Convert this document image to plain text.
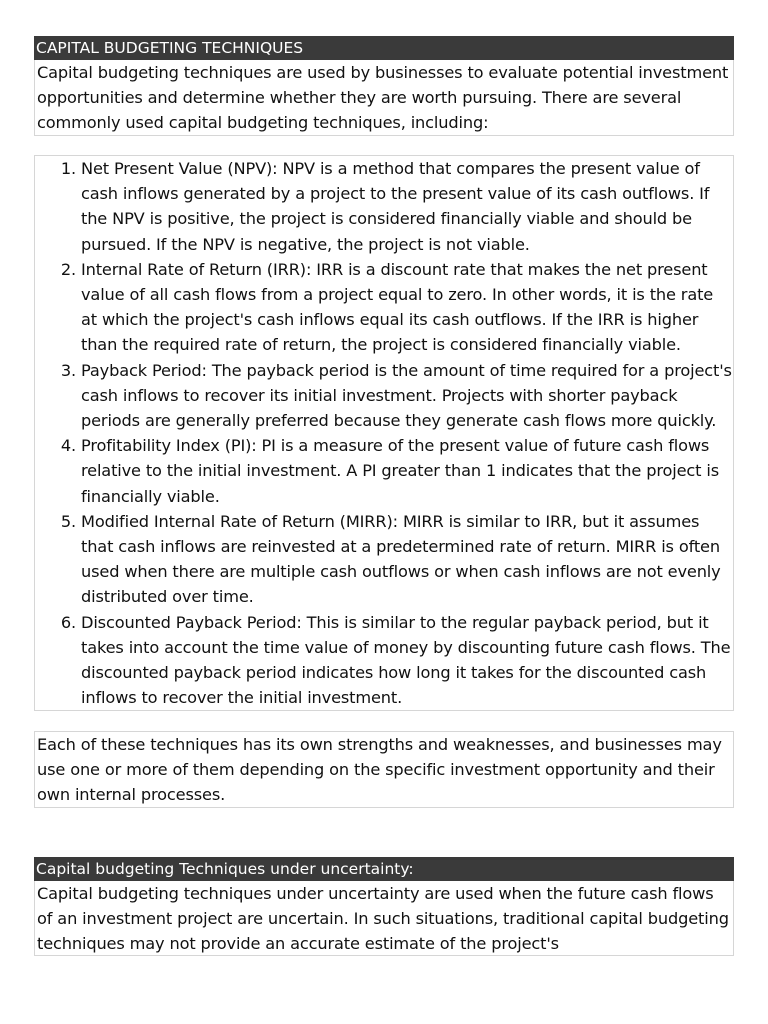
CAPITAL BUDGETING TECHNIQUES
Capital budgeting techniques are used by businesses to evaluate potential investment opportunities and determine whether they are worth pursuing. There are several commonly used capital budgeting techniques, including:
1. Net Present Value (NPV): NPV is a method that compares the present value of cash inflows generated by a project to the present value of its cash outflows. If the NPV is positive, the project is considered financially viable and should be pursued. If the NPV is negative, the project is not viable.
2. Internal Rate of Return (IRR): IRR is a discount rate that makes the net present value of all cash flows from a project equal to zero. In other words, it is the rate at which the project's cash inflows equal its cash outflows. If the IRR is higher than the required rate of return, the project is considered financially viable.
3. Payback Period: The payback period is the amount of time required for a project's cash inflows to recover its initial investment. Projects with shorter payback periods are generally preferred because they generate cash flows more quickly.
4. Profitability Index (PI): PI is a measure of the present value of future cash flows relative to the initial investment. A PI greater than 1 indicates that the project is financially viable.
5. Modified Internal Rate of Return (MIRR): MIRR is similar to IRR, but it assumes that cash inflows are reinvested at a predetermined rate of return. MIRR is often used when there are multiple cash outflows or when cash inflows are not evenly distributed over time.
6. Discounted Payback Period: This is similar to the regular payback period, but it takes into account the time value of money by discounting future cash flows. The discounted payback period indicates how long it takes for the discounted cash inflows to recover the initial investment.
Each of these techniques has its own strengths and weaknesses, and businesses may use one or more of them depending on the specific investment opportunity and their own internal processes.
Capital budgeting Techniques under uncertainty:
Capital budgeting techniques under uncertainty are used when the future cash flows of an investment project are uncertain. In such situations, traditional capital budgeting techniques may not provide an accurate estimate of the project's
